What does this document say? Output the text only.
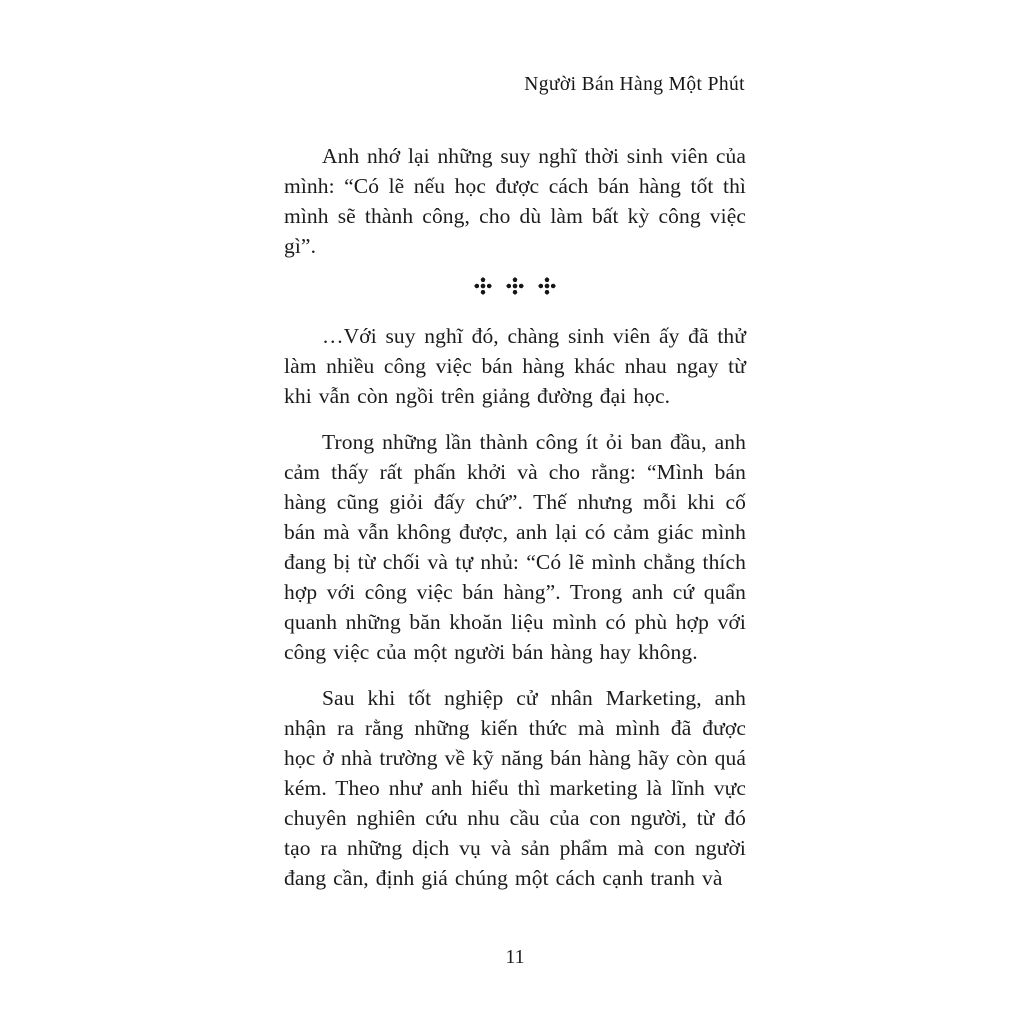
Người Bán Hàng Một Phút

Anh nhớ lại những suy nghĩ thời sinh viên của mình: “Có lẽ nếu học được cách bán hàng tốt thì mình sẽ thành công, cho dù làm bất kỳ công việc gì”.

…Với suy nghĩ đó, chàng sinh viên ấy đã thử làm nhiều công việc bán hàng khác nhau ngay từ khi vẫn còn ngồi trên giảng đường đại học.

Trong những lần thành công ít ỏi ban đầu, anh cảm thấy rất phấn khởi và cho rằng: “Mình bán hàng cũng giỏi đấy chứ”. Thế nhưng mỗi khi cố bán mà vẫn không được, anh lại có cảm giác mình đang bị từ chối và tự nhủ: “Có lẽ mình chẳng thích hợp với công việc bán hàng”. Trong anh cứ quẩn quanh những băn khoăn liệu mình có phù hợp với công việc của một người bán hàng hay không.

Sau khi tốt nghiệp cử nhân Marketing, anh nhận ra rằng những kiến thức mà mình đã được học ở nhà trường về kỹ năng bán hàng hãy còn quá kém. Theo như anh hiểu thì marketing là lĩnh vực chuyên nghiên cứu nhu cầu của con người, từ đó tạo ra những dịch vụ và sản phẩm mà con người đang cần, định giá chúng một cách cạnh tranh và

11
